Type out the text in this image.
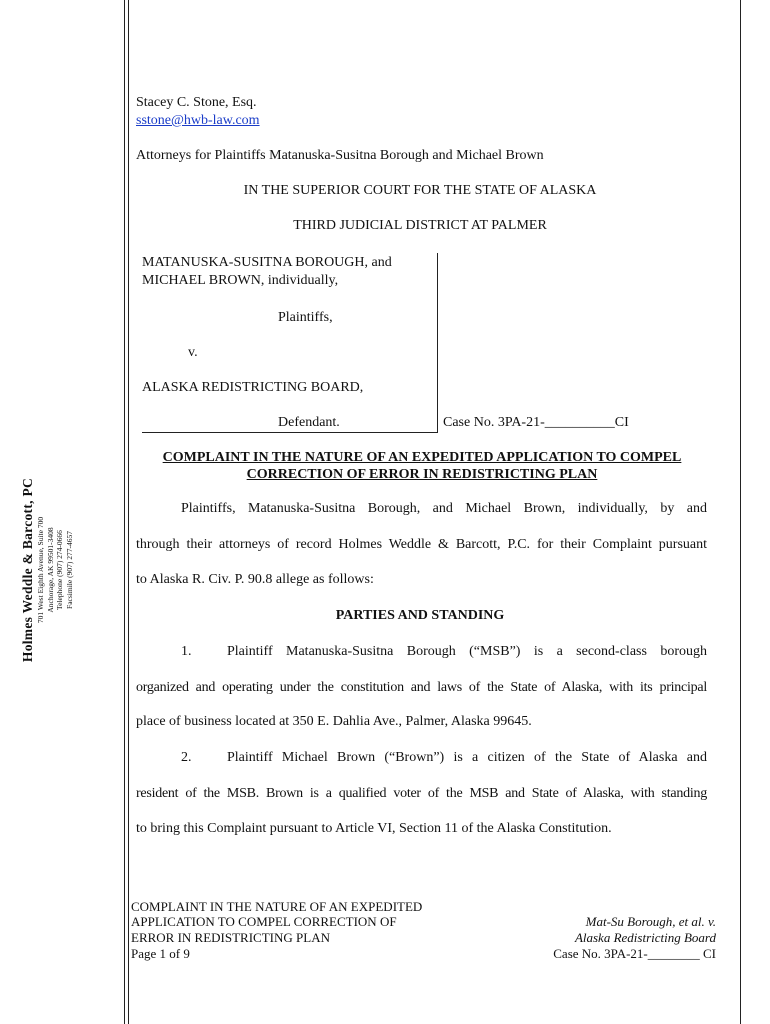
Holmes Weddle & Barcott, PC 701 West Eighth Avenue, Suite 700 Anchorage, AK 99501-3408 Telephone (907) 274-0666 Facsimile (907) 277-4657
Stacey C. Stone, Esq.
sstone@hwb-law.com
Attorneys for Plaintiffs Matanuska-Susitna Borough and Michael Brown
IN THE SUPERIOR COURT FOR THE STATE OF ALASKA
THIRD JUDICIAL DISTRICT AT PALMER
MATANUSKA-SUSITNA BOROUGH, and
MICHAEL BROWN, individually,
Plaintiffs,
v.
ALASKA REDISTRICTING BOARD,
Defendant.	Case No. 3PA-21-__________CI
COMPLAINT IN THE NATURE OF AN EXPEDITED APPLICATION TO COMPEL
CORRECTION OF ERROR IN REDISTRICTING PLAN
Plaintiffs, Matanuska-Susitna Borough, and Michael Brown, individually, by and
through their attorneys of record Holmes Weddle & Barcott, P.C. for their Complaint pursuant
to Alaska R. Civ. P. 90.8 allege as follows:
PARTIES AND STANDING
1.	Plaintiff Matanuska-Susitna Borough (“MSB”) is a second-class borough
organized and operating under the constitution and laws of the State of Alaska, with its principal
place of business located at 350 E. Dahlia Ave., Palmer, Alaska 99645.
2.	Plaintiff Michael Brown (“Brown”) is a citizen of the State of Alaska and
resident of the MSB. Brown is a qualified voter of the MSB and State of Alaska, with standing
to bring this Complaint pursuant to Article VI, Section 11 of the Alaska Constitution.
COMPLAINT IN THE NATURE OF AN EXPEDITED
APPLICATION TO COMPEL CORRECTION OF
ERROR IN REDISTRICTING PLAN
Page 1 of 9
Mat-Su Borough, et al. v.
Alaska Redistricting Board
Case No. 3PA-21-________ CI
